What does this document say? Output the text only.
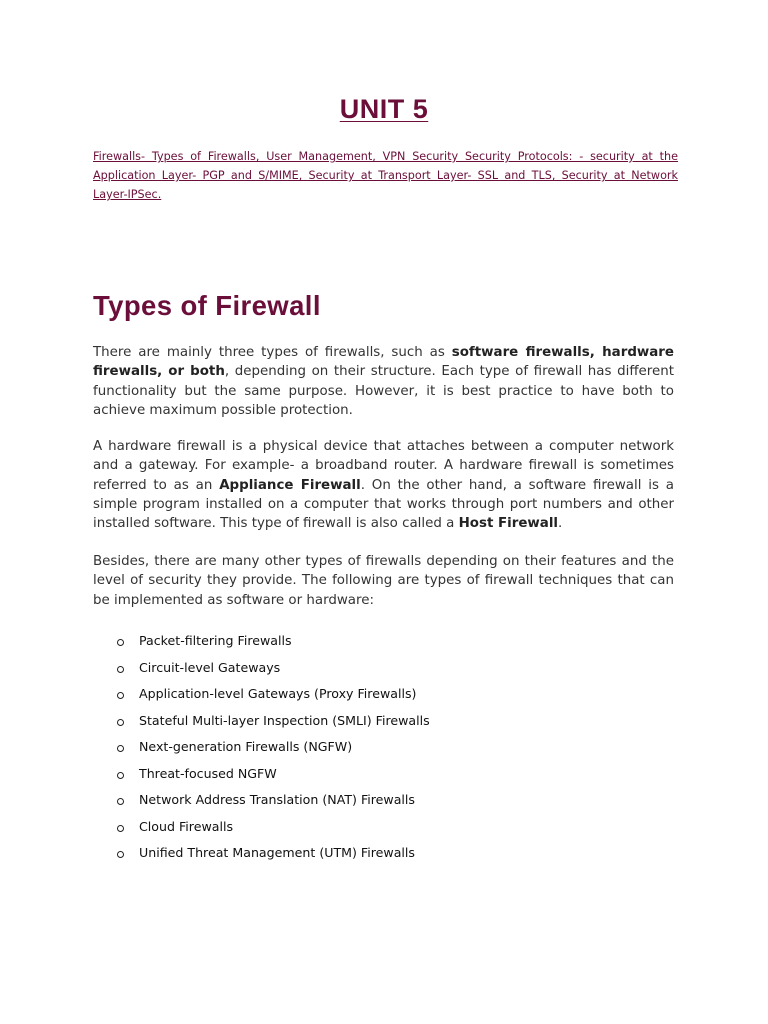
UNIT 5

Firewalls- Types of Firewalls, User Management, VPN Security Security Protocols: - security at the Application Layer- PGP and S/MIME, Security at Transport Layer- SSL and TLS, Security at Network Layer-IPSec.

Types of Firewall

There are mainly three types of firewalls, such as software firewalls, hardware firewalls, or both, depending on their structure. Each type of firewall has different functionality but the same purpose. However, it is best practice to have both to achieve maximum possible protection.

A hardware firewall is a physical device that attaches between a computer network and a gateway. For example- a broadband router. A hardware firewall is sometimes referred to as an Appliance Firewall. On the other hand, a software firewall is a simple program installed on a computer that works through port numbers and other installed software. This type of firewall is also called a Host Firewall.

Besides, there are many other types of firewalls depending on their features and the level of security they provide. The following are types of firewall techniques that can be implemented as software or hardware:

Packet-filtering Firewalls
Circuit-level Gateways
Application-level Gateways (Proxy Firewalls)
Stateful Multi-layer Inspection (SMLI) Firewalls
Next-generation Firewalls (NGFW)
Threat-focused NGFW
Network Address Translation (NAT) Firewalls
Cloud Firewalls
Unified Threat Management (UTM) Firewalls
